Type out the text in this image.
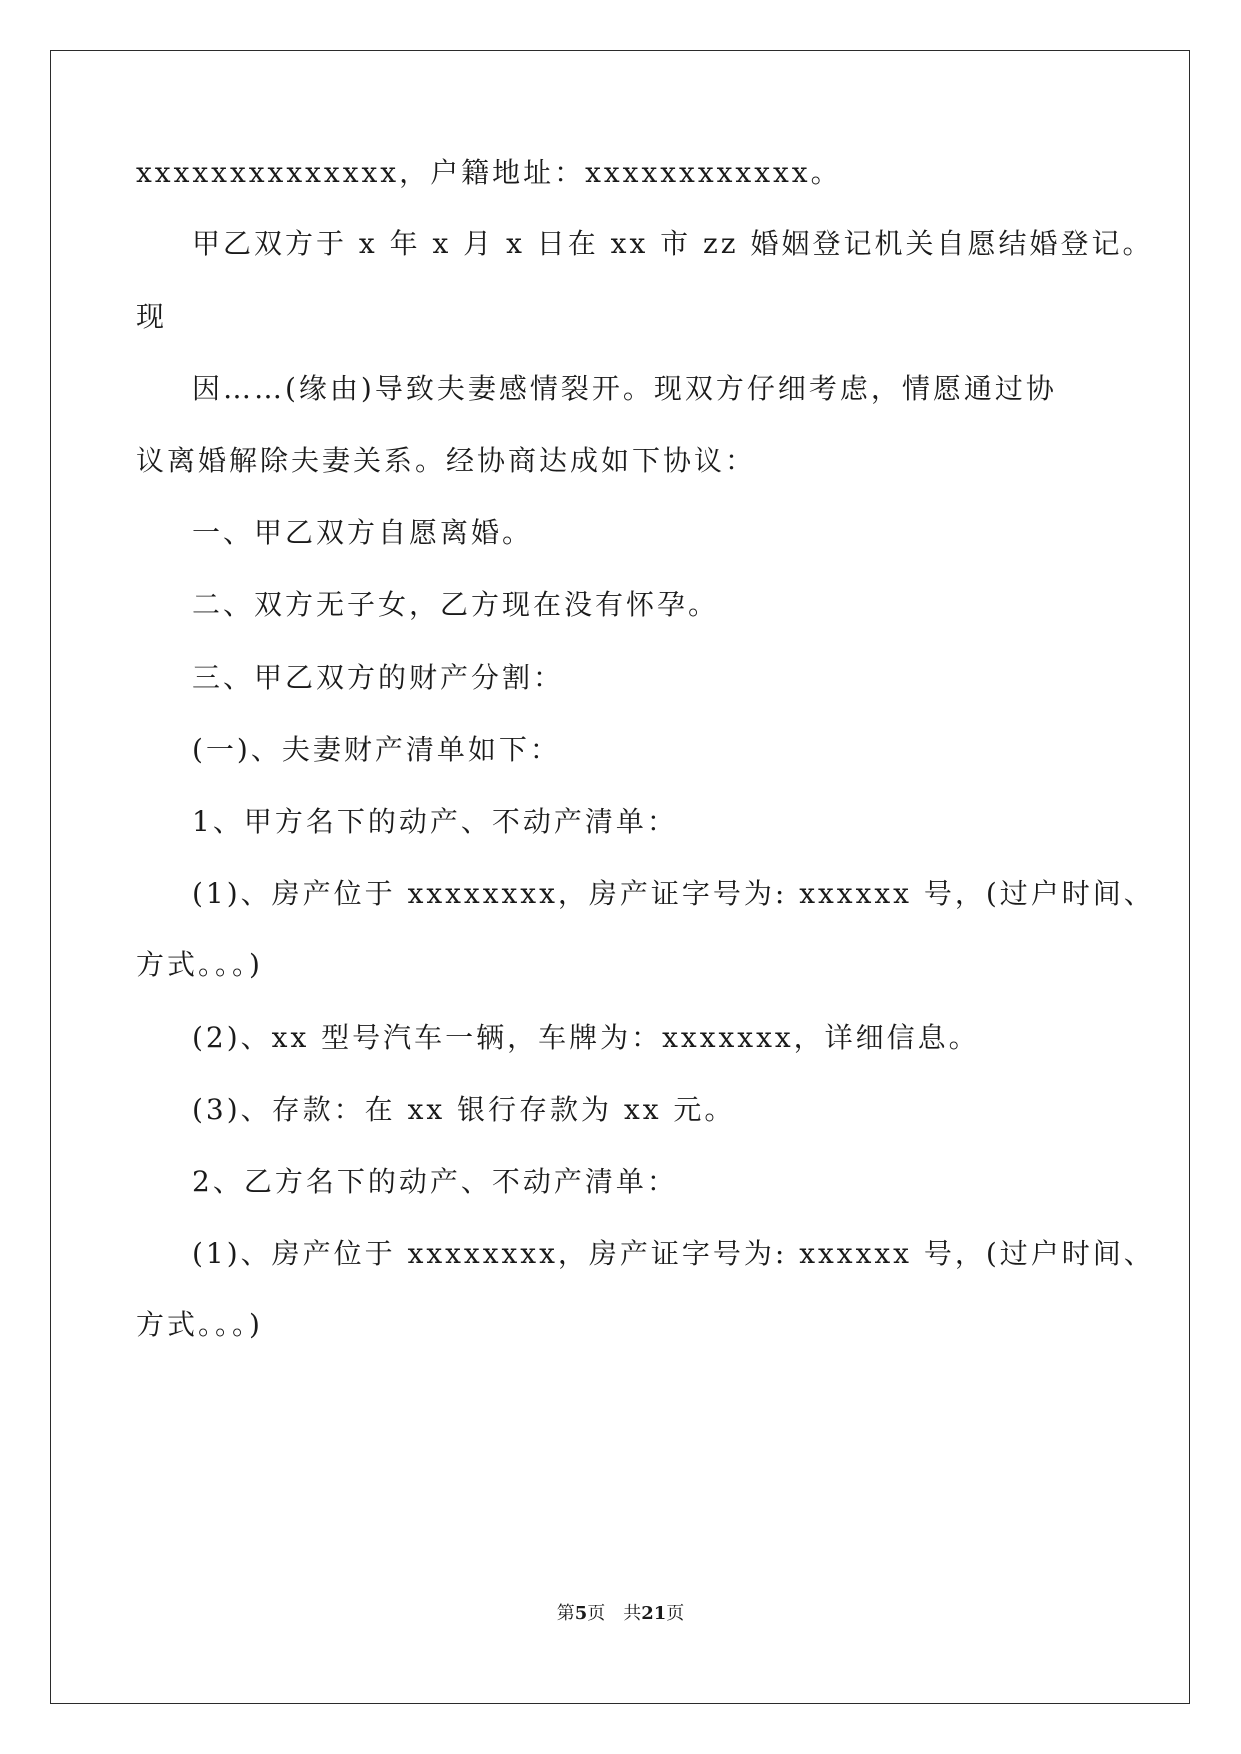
xxxxxxxxxxxxxx，户籍地址：xxxxxxxxxxxx。
甲乙双方于 x 年 x 月 x 日在 xx 市 zz 婚姻登记机关自愿结婚登记。
现
因……(缘由)导致夫妻感情裂开。现双方仔细考虑，情愿通过协
议离婚解除夫妻关系。经协商达成如下协议：
一、甲乙双方自愿离婚。
二、双方无子女，乙方现在没有怀孕。
三、甲乙双方的财产分割：
(一)、夫妻财产清单如下：
1、甲方名下的动产、不动产清单：
(1)、房产位于 xxxxxxxx，房产证字号为: xxxxxx 号，(过户时间、
方式。。。)
(2)、xx 型号汽车一辆，车牌为：xxxxxxx，详细信息。
(3)、存款：在 xx 银行存款为 xx 元。
2、乙方名下的动产、不动产清单：
(1)、房产位于 xxxxxxxx，房产证字号为: xxxxxx 号，(过户时间、
方式。。。)
第5页 共21页
